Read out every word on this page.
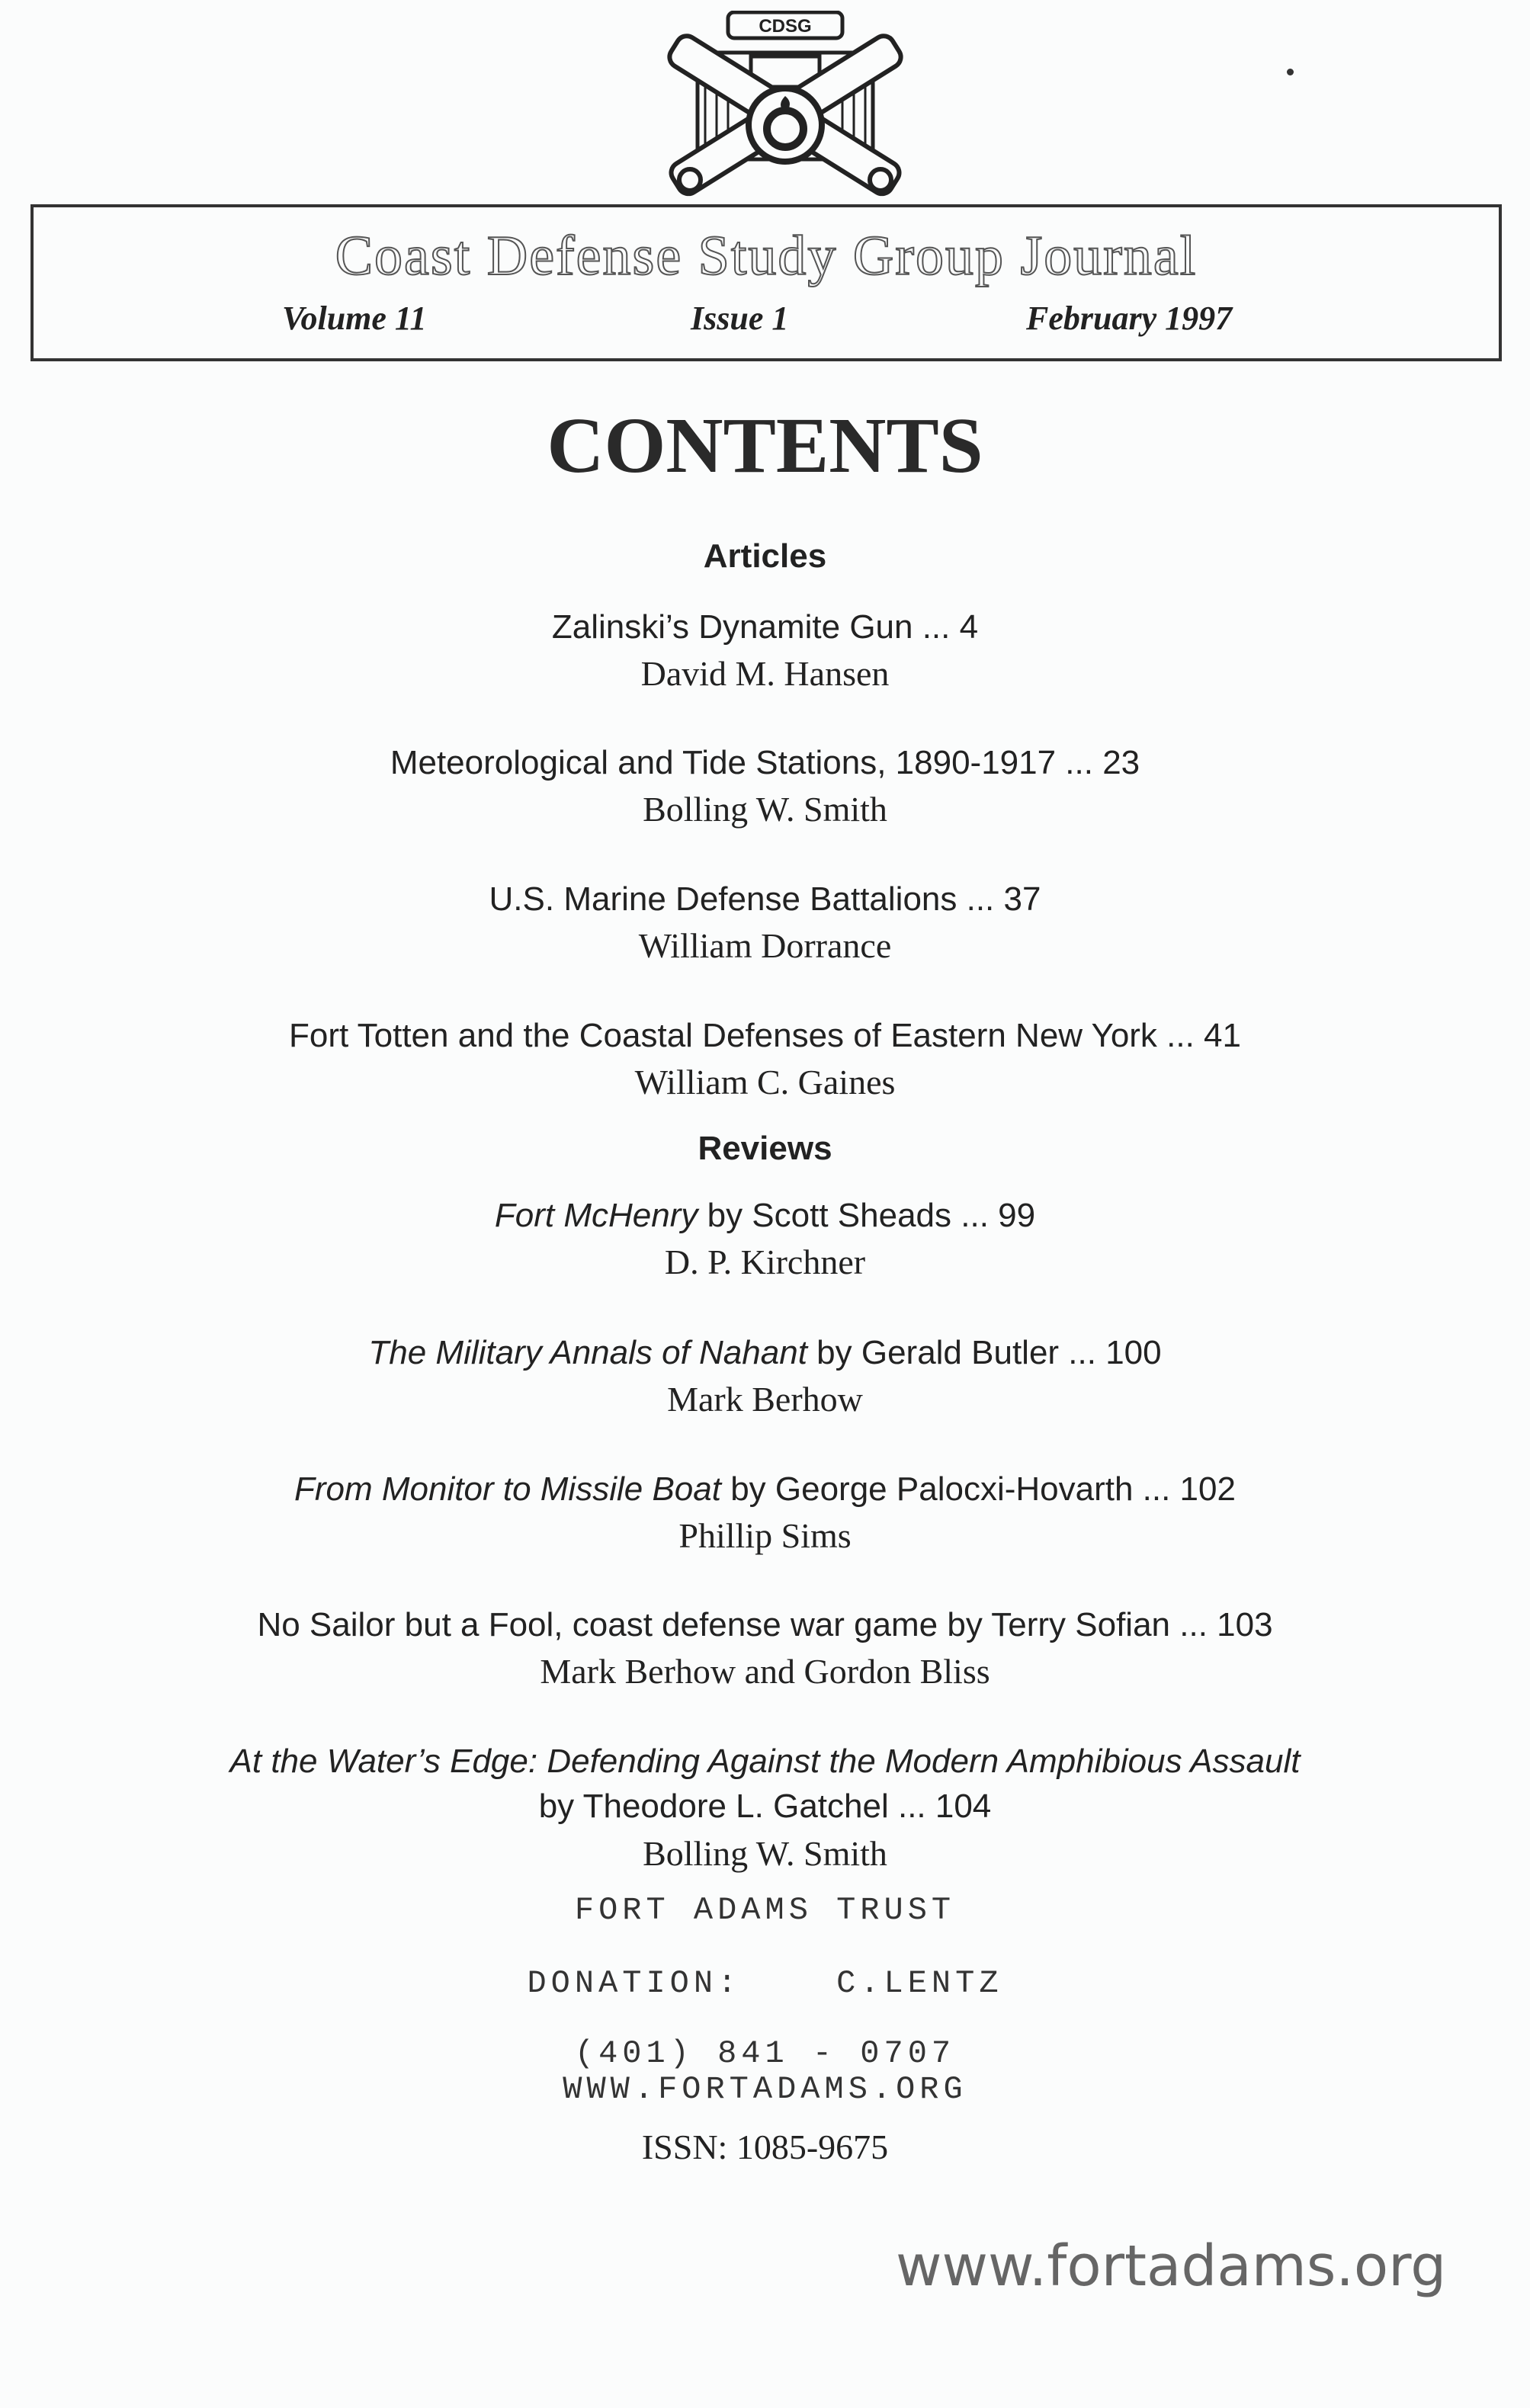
CDSG
Coast Defense Study Group Journal
Volume 11	Issue 1	February 1997
CONTENTS
Articles
Zalinski’s Dynamite Gun ... 4
David M. Hansen
Meteorological and Tide Stations, 1890-1917 ... 23
Bolling W. Smith
U.S. Marine Defense Battalions ... 37
William Dorrance
Fort Totten and the Coastal Defenses of Eastern New York ... 41
William C. Gaines
Reviews
Fort McHenry by Scott Sheads ... 99
D. P. Kirchner
The Military Annals of Nahant by Gerald Butler ... 100
Mark Berhow
From Monitor to Missile Boat by George Palocxi-Hovarth ... 102
Phillip Sims
No Sailor but a Fool, coast defense war game by Terry Sofian ... 103
Mark Berhow and Gordon Bliss
At the Water’s Edge: Defending Against the Modern Amphibious Assault
by Theodore L. Gatchel ... 104
Bolling W. Smith
FORT ADAMS TRUST
DONATION:    C.LENTZ
(401) 841 - 0707
WWW.FORTADAMS.ORG
ISSN: 1085-9675
www.fortadams.org
